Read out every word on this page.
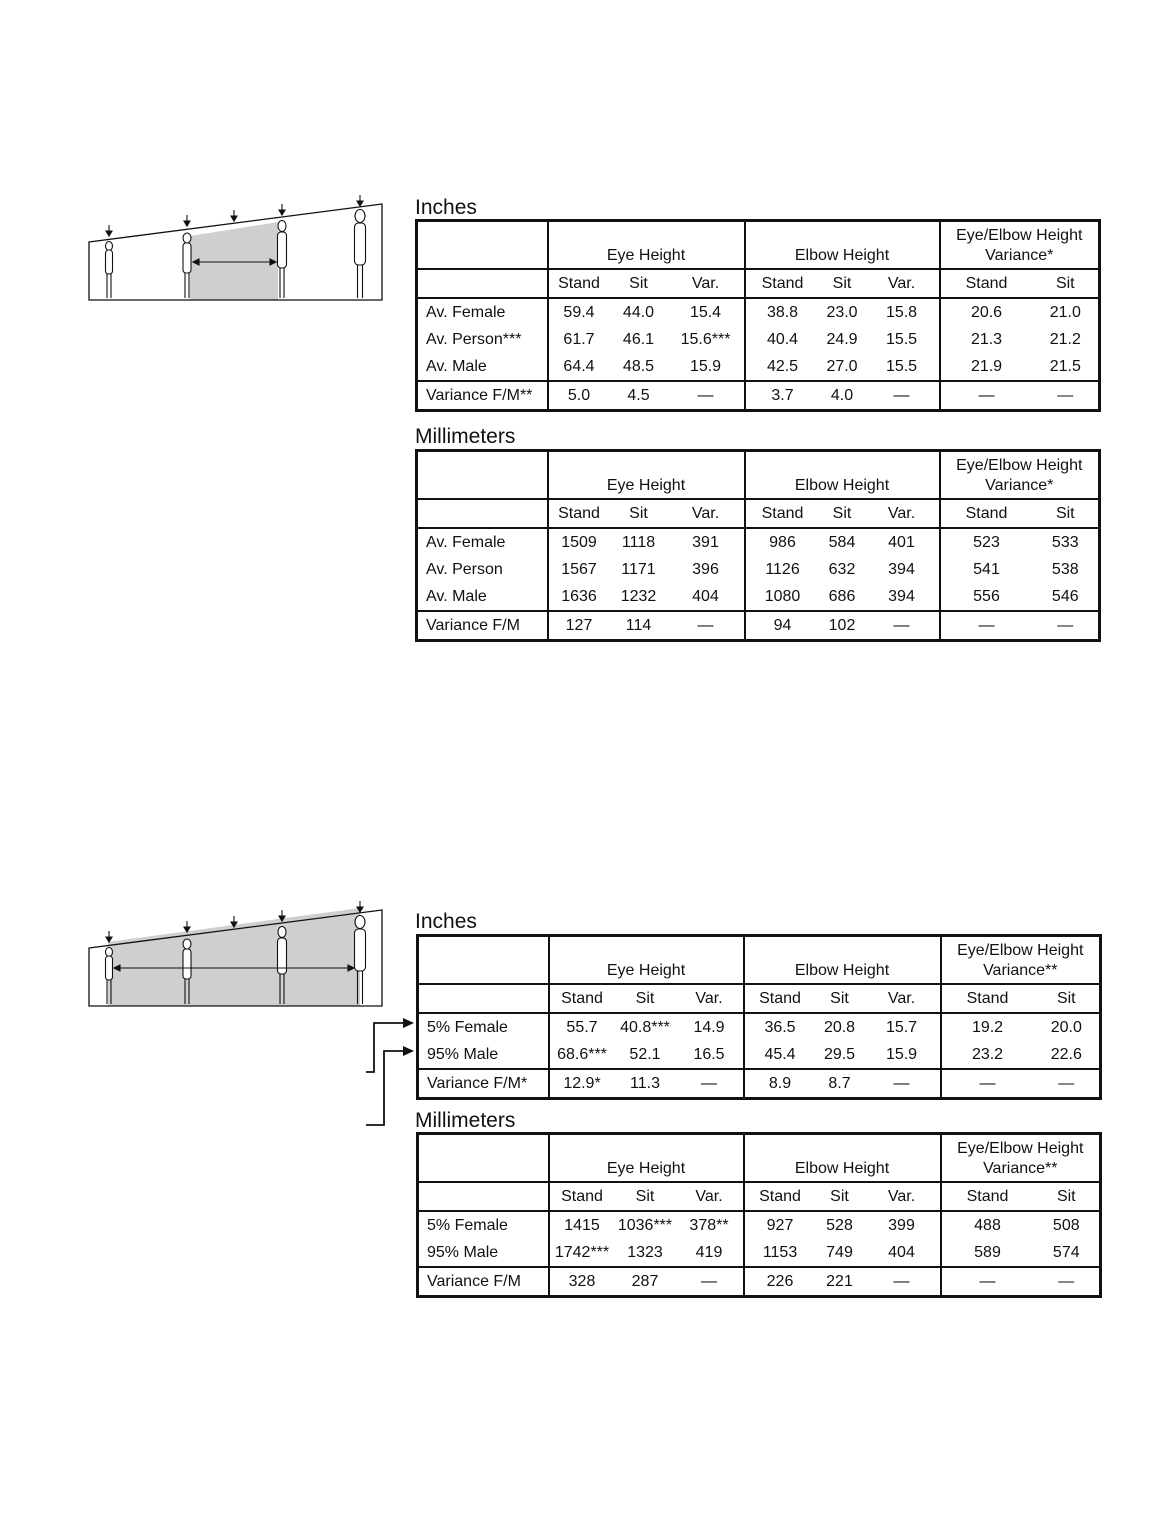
Inches
	Eye Height			Elbow Height			Eye/Elbow Height
Variance*	
	Stand	Sit	Var.	Stand	Sit	Var.	Stand	Sit
Av. Female	59.4	44.0	15.4	38.8	23.0	15.8	20.6	21.0
Av. Person***	61.7	46.1	15.6***	40.4	24.9	15.5	21.3	21.2
Av. Male	64.4	48.5	15.9	42.5	27.0	15.5	21.9	21.5
Variance F/M**	5.0	4.5	—	3.7	4.0	—	—	—
Millimeters
	Eye Height			Elbow Height			Eye/Elbow Height
Variance*	
	Stand	Sit	Var.	Stand	Sit	Var.	Stand	Sit
Av. Female	1509	1118	391	986	584	401	523	533
Av. Person	1567	1171	396	1126	632	394	541	538
Av. Male	1636	1232	404	1080	686	394	556	546
Variance F/M	127	114	—	94	102	—	—	—
Inches
	Eye Height			Elbow Height			Eye/Elbow Height
Variance**	
	Stand	Sit	Var.	Stand	Sit	Var.	Stand	Sit
5% Female	55.7	40.8***	14.9	36.5	20.8	15.7	19.2	20.0
95% Male	68.6***	52.1	16.5	45.4	29.5	15.9	23.2	22.6
Variance F/M*	12.9*	11.3	—	8.9	8.7	—	—	—
Millimeters
	Eye Height			Elbow Height			Eye/Elbow Height
Variance**	
	Stand	Sit	Var.	Stand	Sit	Var.	Stand	Sit
5% Female	1415	1036***	378**	927	528	399	488	508
95% Male	1742***	1323	419	1153	749	404	589	574
Variance F/M	328	287	—	226	221	—	—	—
